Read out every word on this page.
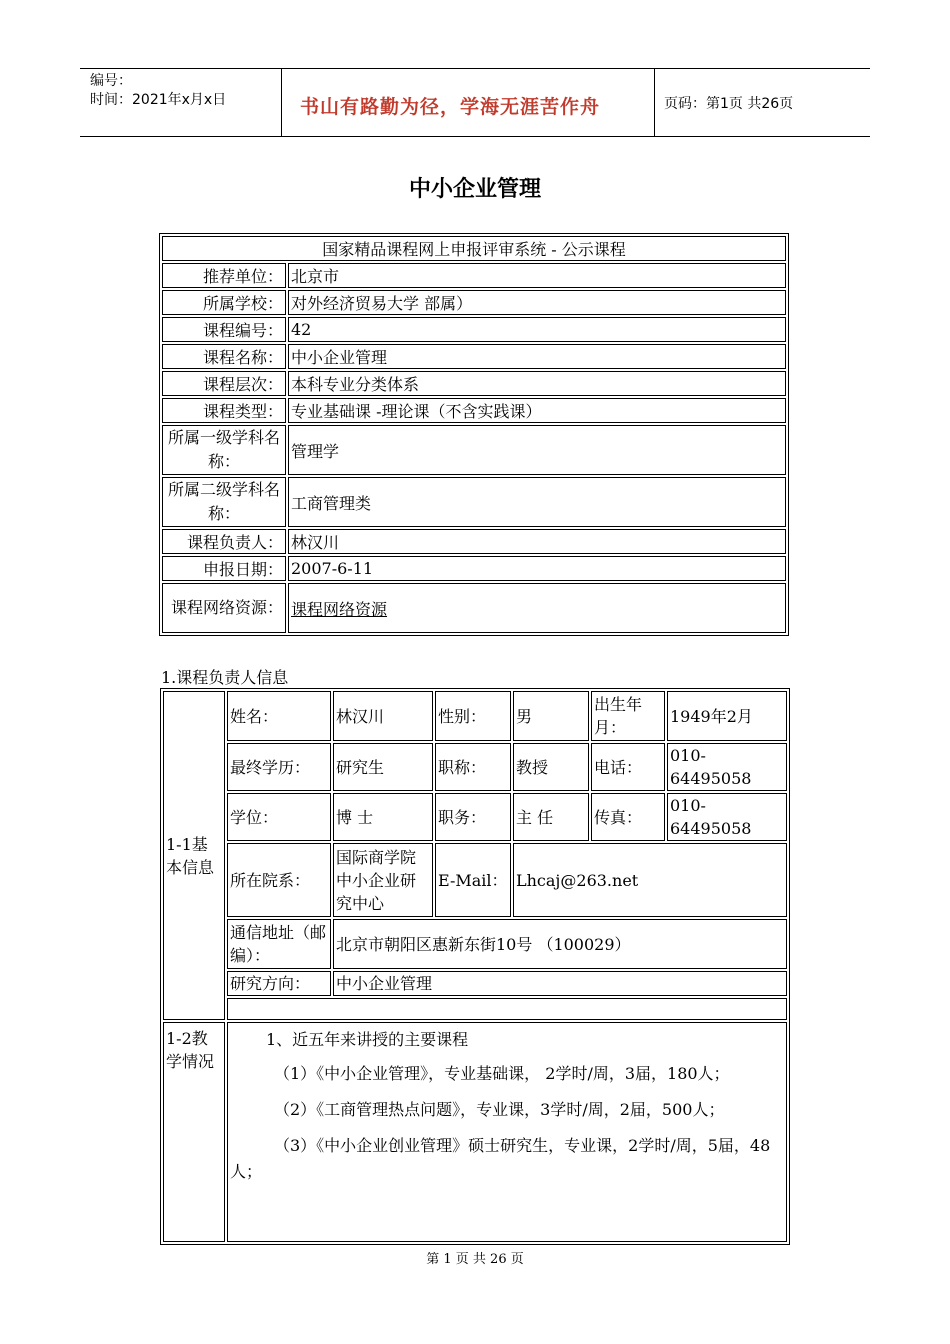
编号：
时间：2021年x月x日	书山有路勤为径，学海无涯苦作舟	页码：第1页 共26页
中小企业管理
国家精品课程网上申报评审系统 - 公示课程	
推荐单位：	北京市
所属学校：	对外经济贸易大学 部属）
课程编号：	42
课程名称：	中小企业管理
课程层次：	本科专业分类体系
课程类型：	专业基础课 -理论课（不含实践课）
所属一级学科名称：	管理学
所属二级学科名称：	工商管理类
课程负责人：	林汉川
申报日期：	2007-6-11
课程网络资源：	课程网络资源
1.课程负责人信息
1-1基本信息	姓名：	林汉川	性别：	男	出生年月：	1949年2月
	最终学历：	研究生	职称：	教授	电话：	010-64495058
	学位：	博 士	职务：	主 任	传真：	010-64495058
	所在院系：	国际商学院中小企业研究中心	E-Mail：	Lhcaj@263.net		
	通信地址（邮编）：	北京市朝阳区惠新东街10号 （100029）				
	研究方向：	中小企业管理				

1-2教学情况	1、近五年来讲授的主要课程

（1）《中小企业管理》，专业基础课， 2学时/周，3届，180人；

（2）《工商管理热点问题》，专业课，3学时/周，2届，500人；

（3）《中小企业创业管理》硕士研究生，专业课，2学时/周，5届，48人；					

第 1 页 共 26 页
